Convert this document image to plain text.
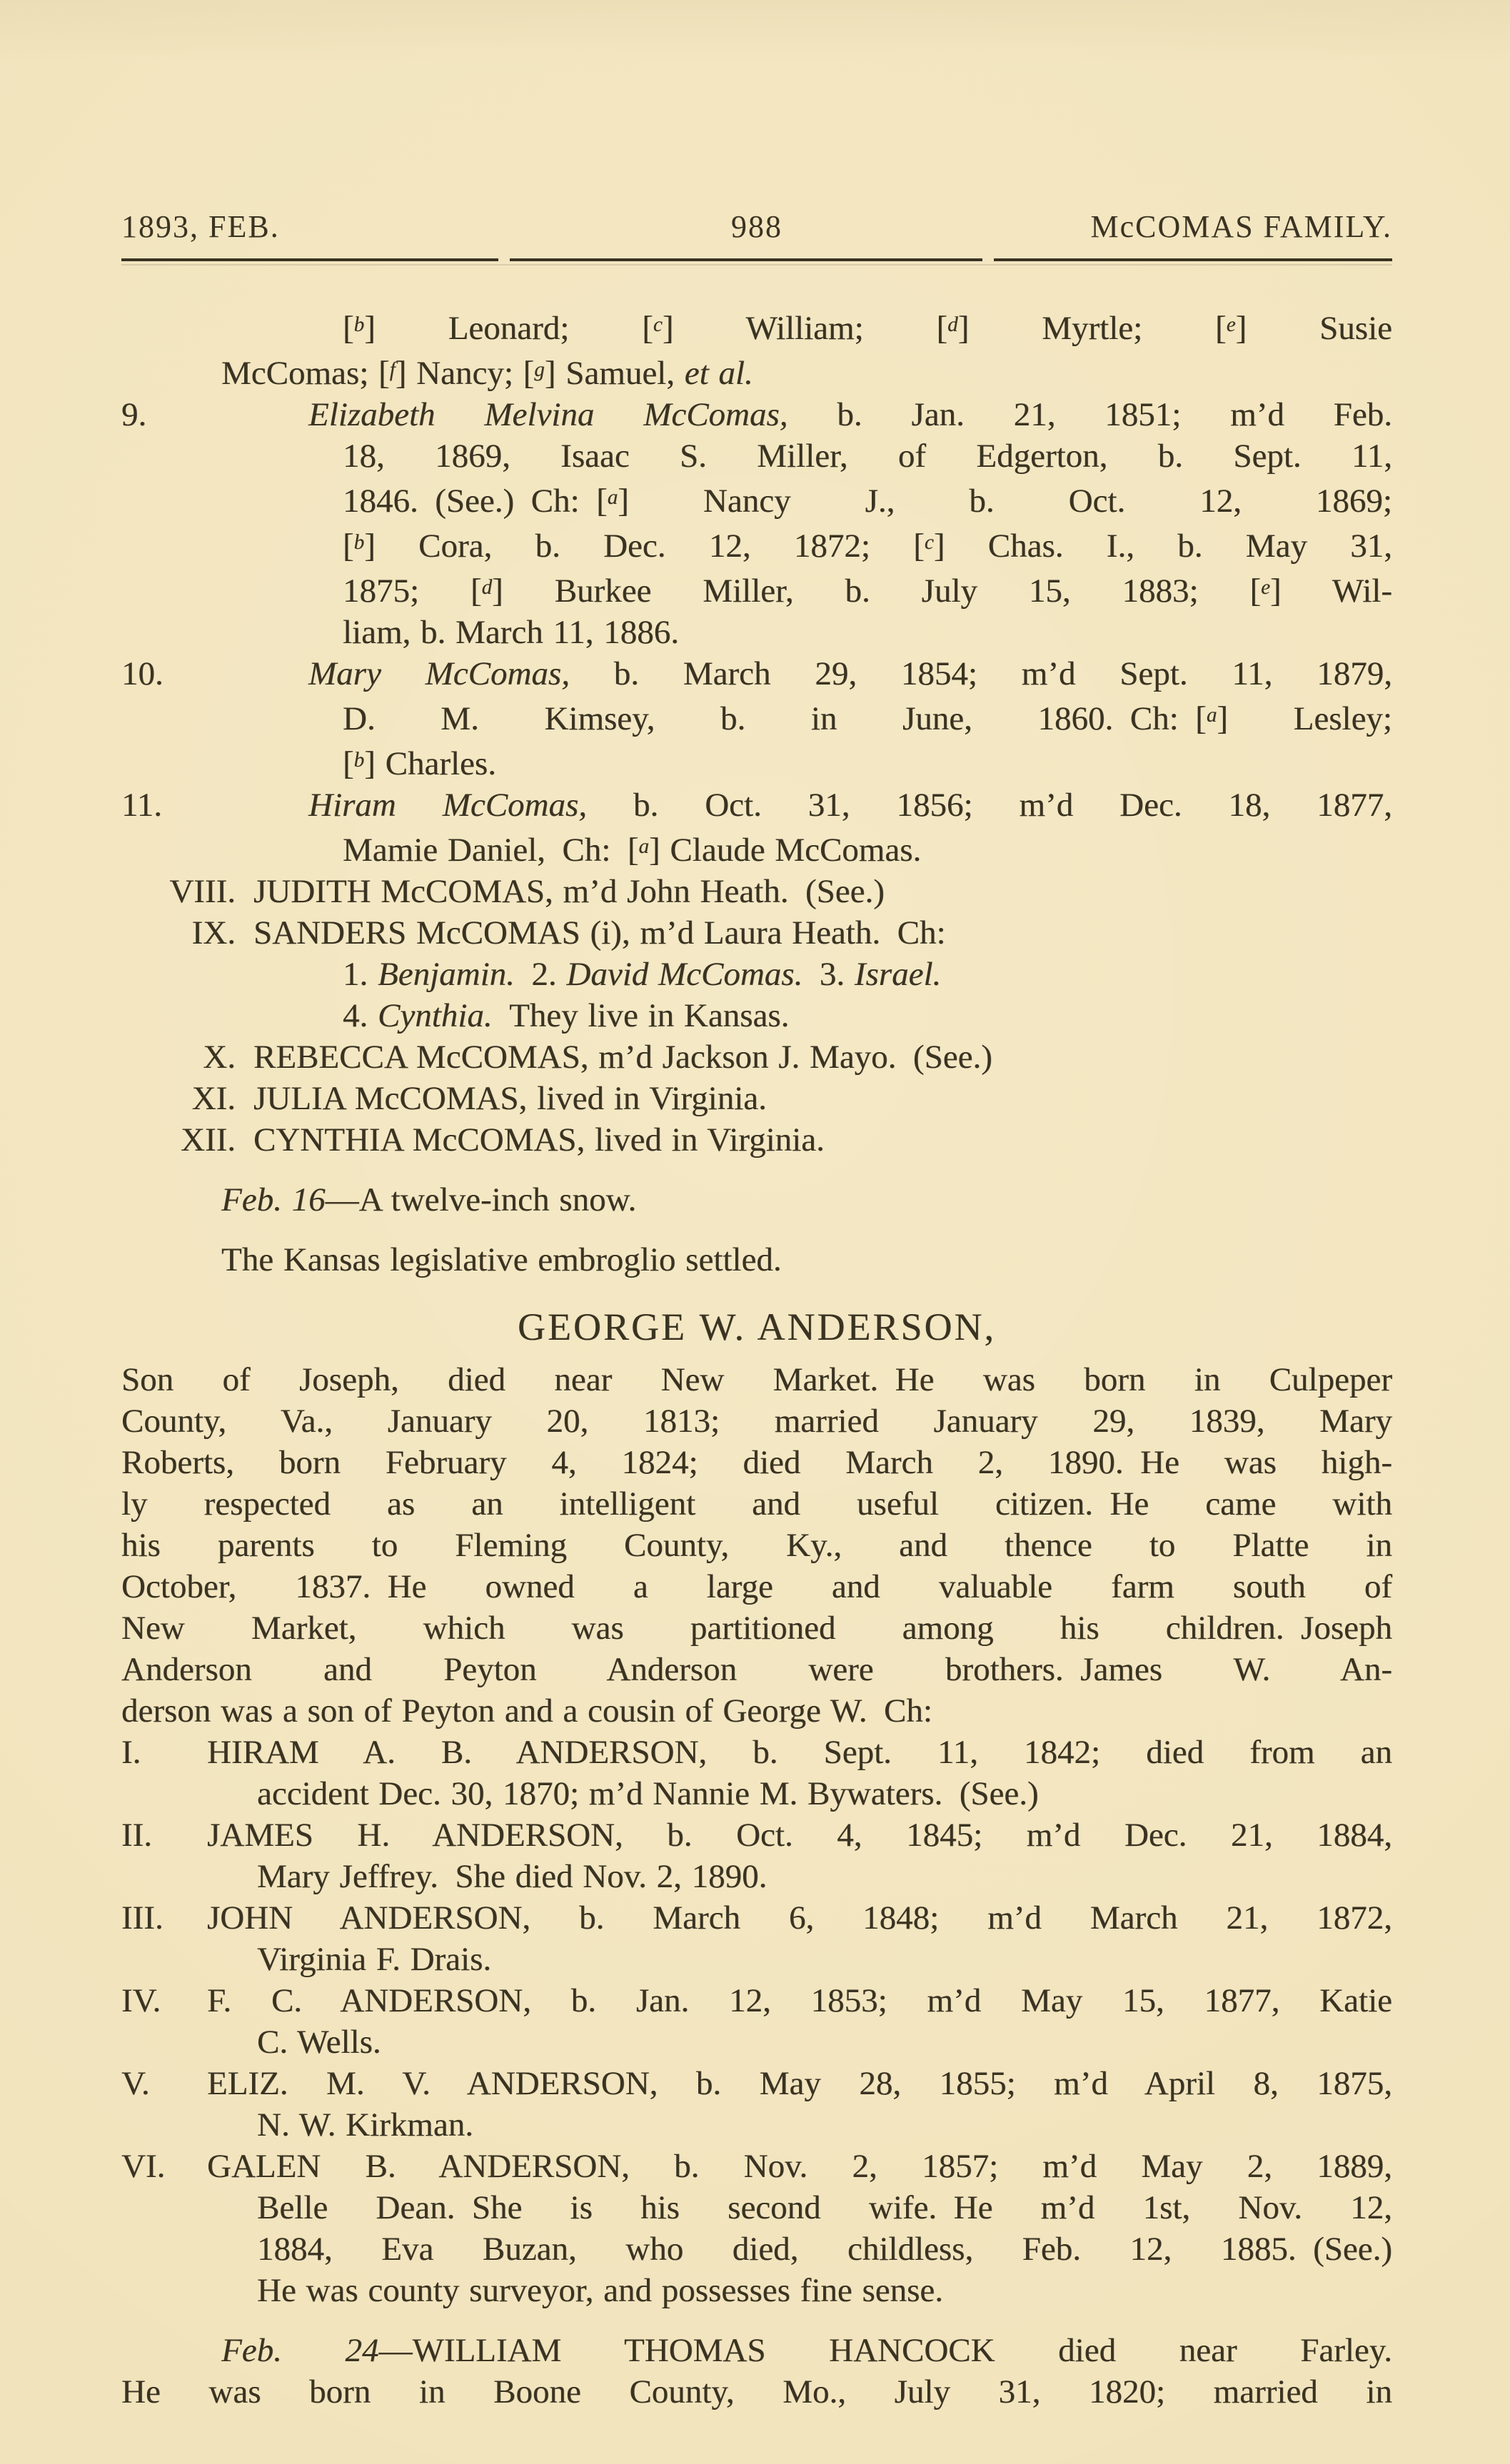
1893, FEB.	988	McCOMAS FAMILY.
[$^b$] Leonard; [$^c$] William; [$^d$] Myrtle; [$^e$] Susie
McComas; [$^f$] Nancy; [$^g$] Samuel, et al.
9.	Elizabeth Melvina McComas, b. Jan. 21, 1851; m’d Feb.
18, 1869, Isaac S. Miller, of Edgerton, b. Sept. 11,
1846. (See.) Ch: [$^a$] Nancy J., b. Oct. 12, 1869;
[$^b$] Cora, b. Dec. 12, 1872; [$^c$] Chas. I., b. May 31,
1875; [$^d$] Burkee Miller, b. July 15, 1883; [$^e$] Wil-
liam, b. March 11, 1886.
10.	Mary McComas, b. March 29, 1854; m’d Sept. 11, 1879,
D. M. Kimsey, b. in June, 1860. Ch: [$^a$] Lesley;
[$^b$] Charles.
11.	Hiram McComas, b. Oct. 31, 1856; m’d Dec. 18, 1877,
Mamie Daniel, Ch: [$^a$] Claude McComas.
VIII. JUDITH McCOMAS, m’d John Heath. (See.)
IX. SANDERS McCOMAS (i), m’d Laura Heath. Ch:
1. Benjamin. 2. David McComas. 3. Israel.
4. Cynthia. They live in Kansas.
X. REBECCA McCOMAS, m’d Jackson J. Mayo. (See.)
XI. JULIA McCOMAS, lived in Virginia.
XII. CYNTHIA McCOMAS, lived in Virginia.
Feb. 16—A twelve-inch snow.
The Kansas legislative embroglio settled.
GEORGE W. ANDERSON,
Son of Joseph, died near New Market. He was born in Culpeper
County, Va., January 20, 1813; married January 29, 1839, Mary
Roberts, born February 4, 1824; died March 2, 1890. He was high-
ly respected as an intelligent and useful citizen. He came with
his parents to Fleming County, Ky., and thence to Platte in
October, 1837. He owned a large and valuable farm south of
New Market, which was partitioned among his children. Joseph
Anderson and Peyton Anderson were brothers. James W. An-
derson was a son of Peyton and a cousin of George W. Ch:
I. HIRAM A. B. ANDERSON, b. Sept. 11, 1842; died from an
accident Dec. 30, 1870; m’d Nannie M. Bywaters. (See.)
II. JAMES H. ANDERSON, b. Oct. 4, 1845; m’d Dec. 21, 1884,
Mary Jeffrey. She died Nov. 2, 1890.
III. JOHN ANDERSON, b. March 6, 1848; m’d March 21, 1872,
Virginia F. Drais.
IV. F. C. ANDERSON, b. Jan. 12, 1853; m’d May 15, 1877, Katie
C. Wells.
V. ELIZ. M. V. ANDERSON, b. May 28, 1855; m’d April 8, 1875,
N. W. Kirkman.
VI. GALEN B. ANDERSON, b. Nov. 2, 1857; m’d May 2, 1889,
Belle Dean. She is his second wife. He m’d 1st, Nov. 12,
1884, Eva Buzan, who died, childless, Feb. 12, 1885. (See.)
He was county surveyor, and possesses fine sense.
Feb. 24—WILLIAM THOMAS HANCOCK died near Farley.
He was born in Boone County, Mo., July 31, 1820; married in
